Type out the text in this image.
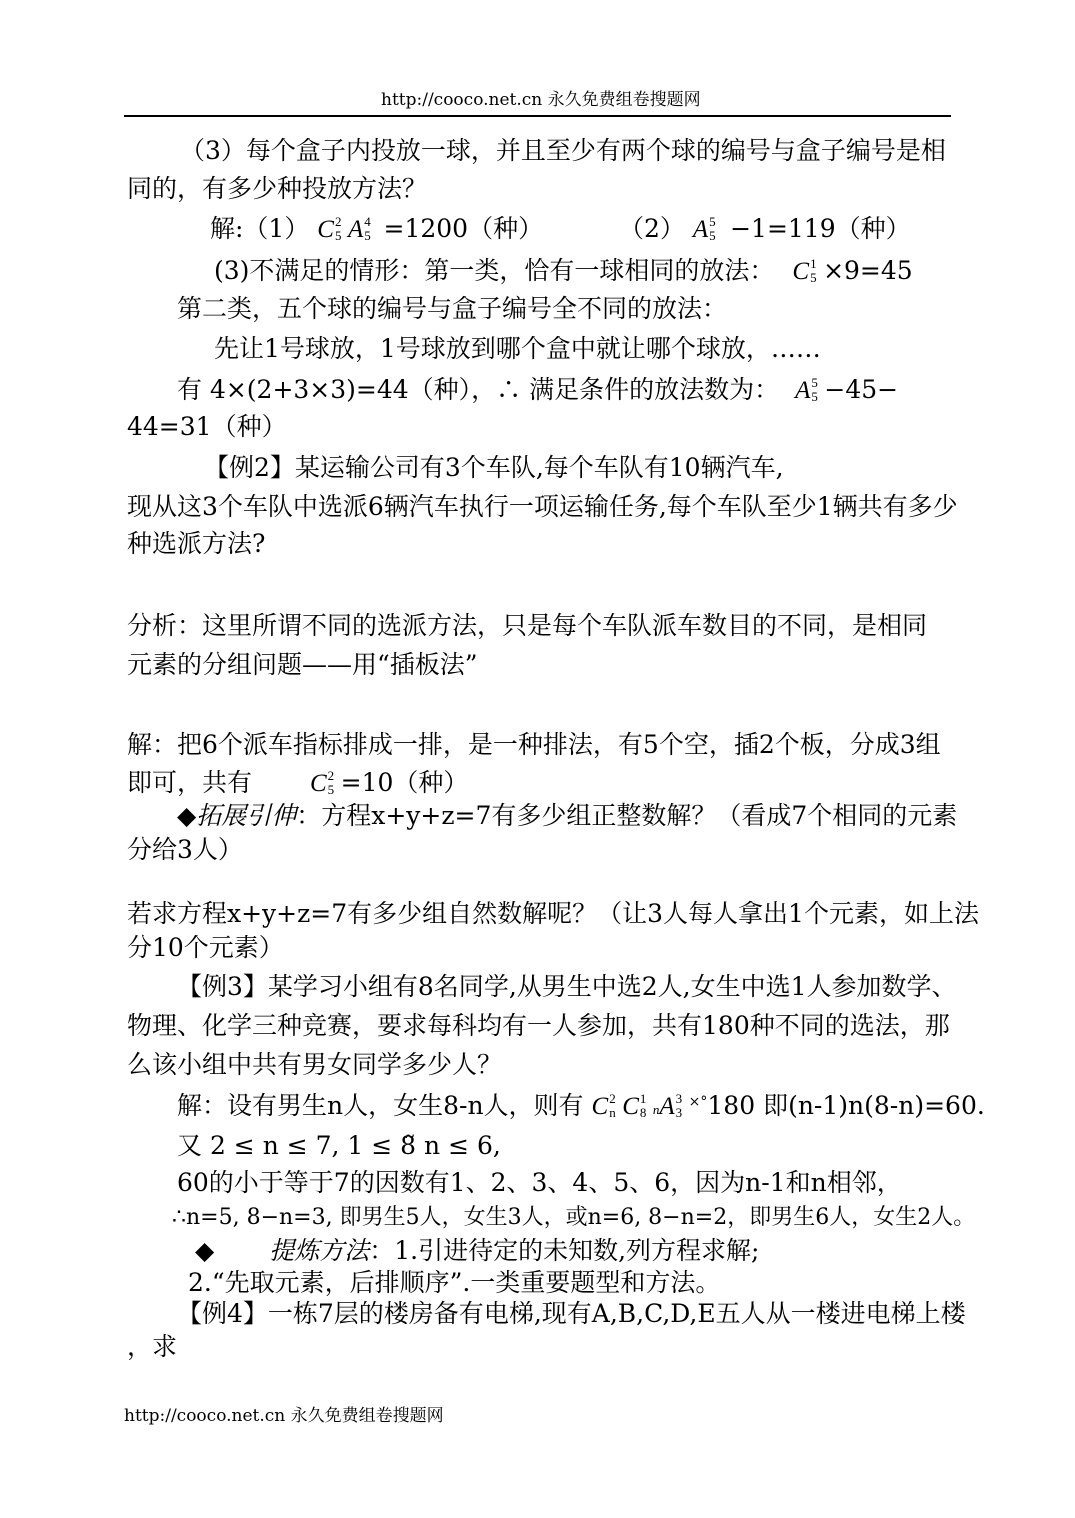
http://cooco.net.cn 永久免费组卷搜题网
（3）每个盒子内投放一球，并且至少有两个球的编号与盒子编号是相
同的，有多少种投放方法？
解:（1） C 2
5 A 4
5 =1200（种）	（2） A 5
5 −1=119（种）
(3)不满足的情形：第一类，恰有一球相同的放法： C 1
5 ×9=45
第二类，五个球的编号与盒子编号全不同的放法：
先让1号球放，1号球放到哪个盒中就让哪个球放，……
有 4×(2+3×3)=44（种），∴ 满足条件的放法数为： A 5
5 −45−
44=31（种）
【例2】某运输公司有3个车队,每个车队有10辆汽车,
现从这3个车队中选派6辆汽车执行一项运输任务,每个车队至少1辆共有多少
种选派方法?
分析：这里所谓不同的选派方法，只是每个车队派车数目的不同，是相同
元素的分组问题——用“插板法”
解：把6个派车指标排成一排，是一种排法，有5个空，插2个板，分成3组
即可，共有 C 2
5 =10（种）
◆拓展引伸：方程x+y+z=7有多少组正整数解？（看成7个相同的元素
分给3人）
若求方程x+y+z=7有多少组自然数解呢？（让3人每人拿出1个元素，如上法
分10个元素）
【例3】某学习小组有8名同学,从男生中选2人,女生中选1人参加数学、
物理、化学三种竞赛，要求每科均有一人参加，共有180种不同的选法，那
么该小组中共有男女同学多少人？
解：设有男生n人，女生8-n人，则有 C 2
n C 1
8 nA 3
3
×°180 即(n-1)n(8-n)=60.
又 2 ≤ n ≤ 7, 1 ≤ 8̃ n ≤ 6,
60的小于等于7的因数有1、2、3、4、5、6，因为n-1和n相邻，
∴n=5, 8−n=3, 即男生5人，女生3人，或n=6, 8−n=2，即男生6人，女生2人。
◆ 提炼方法：1.引进待定的未知数,列方程求解;
2.“先取元素，后排顺序”.一类重要题型和方法。
【例4】一栋7层的楼房备有电梯,现有A,B,C,D,E五人从一楼进电梯上楼
，求
http://cooco.net.cn 永久免费组卷搜题网
